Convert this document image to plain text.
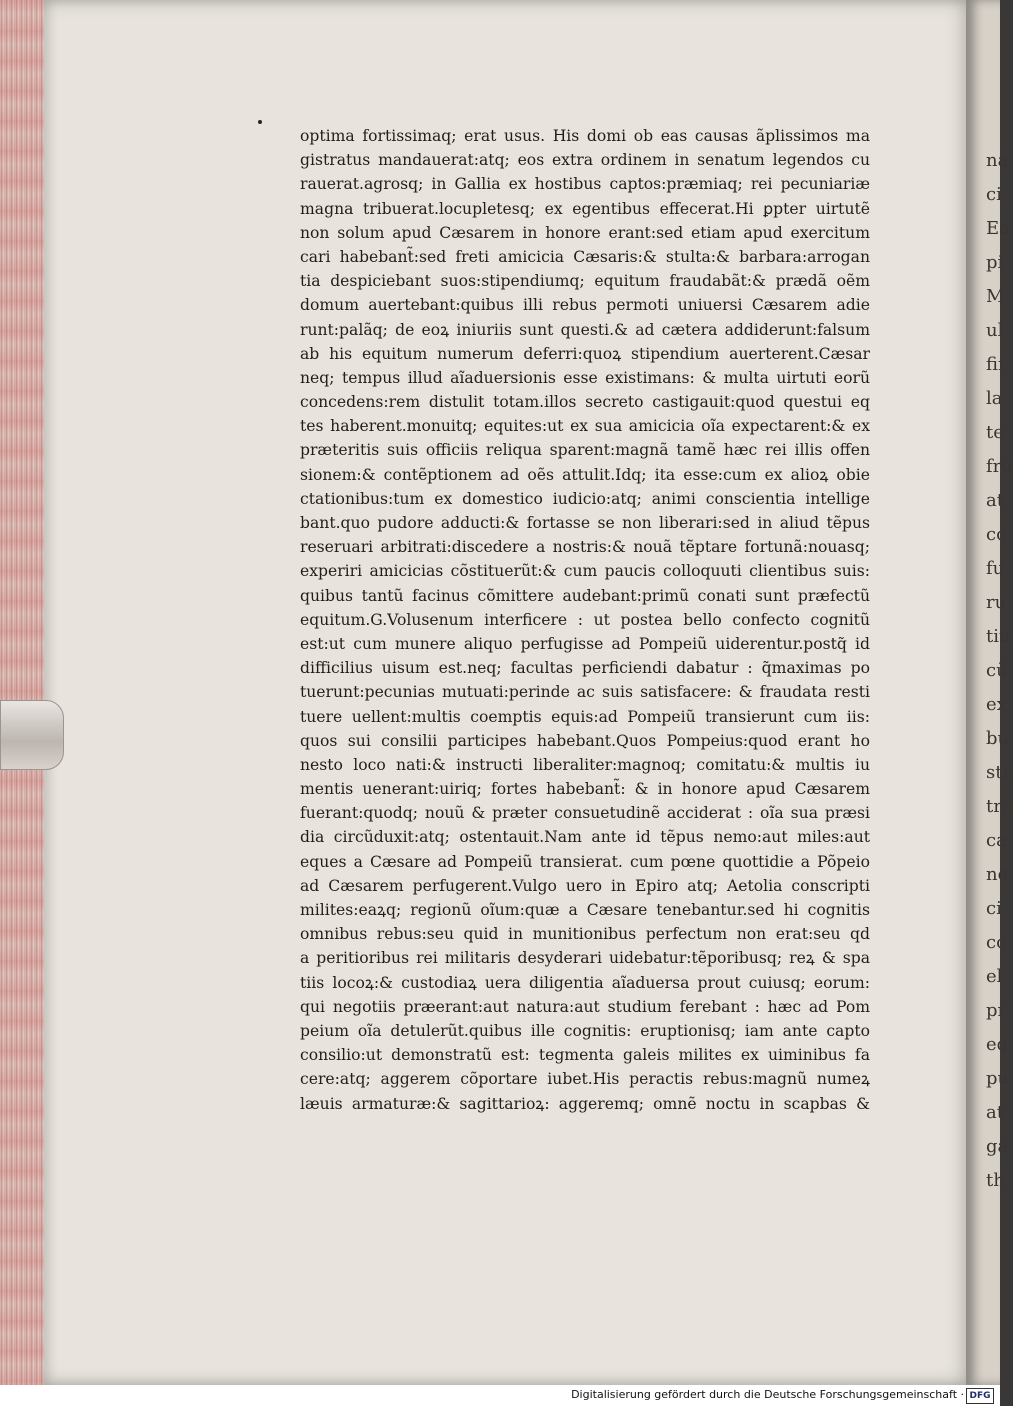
na
ci
Ea
pi
M
ul
fir
la
te
fru
at
co
fu
ru
tiu
cū
ex
bu
str
tra
ca
ne
ci
co
el
pr
eq
pu
at
ga
th
optima fortissimaq; erat usus. His domi ob eas causas ãplissimos ma
gistratus mandauerat:atq; eos extra ordinem in senatum legendos cu
rauerat.agrosq; in Gallia ex hostibus captos:præmiaq; rei pecuniariæ
magna tribuerat.locupletesq; ex egentibus effecerat.Hi ꝑpter uirtutẽ
non solum apud Cæsarem in honore erant:sed etiam apud exercitum
cari habebant̃:sed freti amicicia Cæsaris:& stulta:& barbara:arrogan
tia despiciebant suos:stipendiumq; equitum fraudabãt:& prædã oẽm
domum auertebant:quibus illi rebus permoti uniuersi Cæsarem adie
runt:palãq; de eoꝝ iniuriis sunt questi.& ad cætera addiderunt:falsum
ab his equitum numerum deferri:quoꝝ stipendium auerterent.Cæsar
neq; tempus illud aĩaduersionis esse existimans: & multa uirtuti eorũ
concedens:rem distulit totam.illos secreto castigauit:quod questui eq
tes haberent.monuitq; equites:ut ex sua amicicia oĩa expectarent:& ex
præteritis suis officiis reliqua sparent:magnã tamẽ hæc rei illis offen
sionem:& contẽptionem ad oẽs attulit.Idq; ita esse:cum ex alioꝝ obie
ctationibus:tum ex domestico iudicio:atq; animi conscientia intellige
bant.quo pudore adducti:& fortasse se non liberari:sed in aliud tẽpus
reseruari arbitrati:discedere a nostris:& nouã tẽptare fortunã:nouasq;
experiri amicicias cõstituerũt:& cum paucis colloquuti clientibus suis:
quibus tantũ facinus cõmittere audebant:primũ conati sunt præfectũ
equitum.G.Volusenum interficere : ut postea bello confecto cognitũ
est:ut cum munere aliquo perfugisse ad Pompeiũ uiderentur.postq̃ id
difficilius uisum est.neq; facultas perficiendi dabatur : q̃maximas po
tuerunt:pecunias mutuati:perinde ac suis satisfacere: & fraudata resti
tuere uellent:multis coemptis equis:ad Pompeiũ transierunt cum iis:
quos sui consilii participes habebant.Quos Pompeius:quod erant ho
nesto loco nati:& instructi liberaliter:magnoq; comitatu:& multis iu
mentis uenerant:uiriq; fortes habebant̃: & in honore apud Cæsarem
fuerant:quodq; nouũ & præter consuetudinẽ acciderat : oĩa sua præsi
dia circũduxit:atq; ostentauit.Nam ante id tẽpus nemo:aut miles:aut
eques a Cæsare ad Pompeiũ transierat. cum pœne quottidie a Põpeio
ad Cæsarem perfugerent.Vulgo uero in Epiro atq; Aetolia conscripti
milites:eaꝝq; regionũ oĩum:quæ a Cæsare tenebantur.sed hi cognitis
omnibus rebus:seu quid in munitionibus perfectum non erat:seu qd
a peritioribus rei militaris desyderari uidebatur:tẽporibusq; reꝝ & spa
tiis locoꝝ:& custodiaꝝ uera diligentia aĩaduersa prout cuiusq; eorum:
qui negotiis præerant:aut natura:aut studium ferebant : hæc ad Pom
peium oĩa detulerũt.quibus ille cognitis: eruptionisq; iam ante capto
consilio:ut demonstratũ est: tegmenta galeis milites ex uiminibus fa
cere:atq; aggerem cõportare iubet.His peractis rebus:magnũ numeꝝ
læuis armaturæ:& sagittarioꝝ: aggeremq; omnẽ noctu in scapbas &
Digitalisierung gefördert durch die Deutsche Forschungsgemeinschaft · DFG
